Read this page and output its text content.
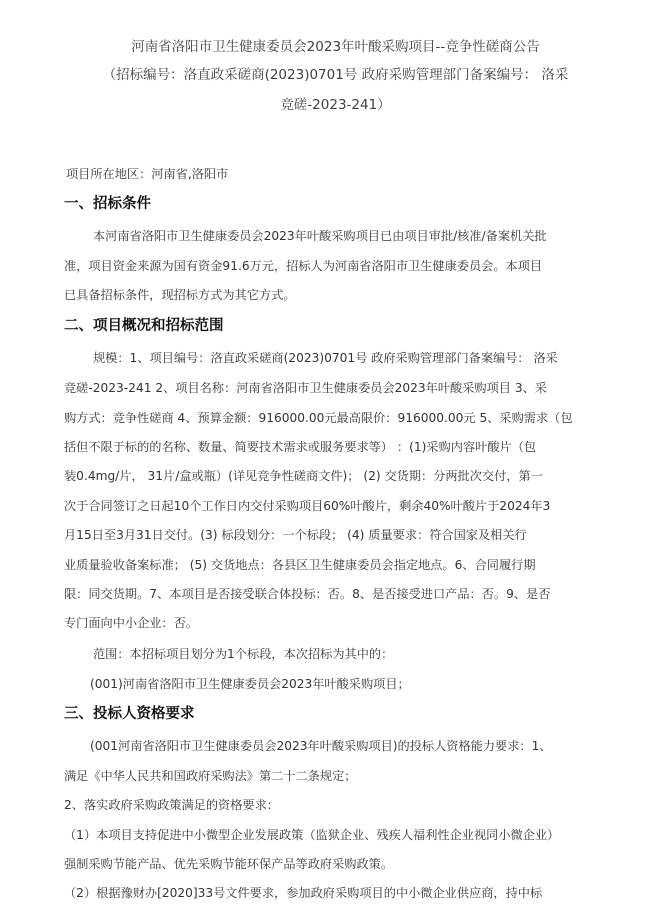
河南省洛阳市卫生健康委员会2023年叶酸采购项目--竞争性磋商公告
（招标编号：洛直政采磋商(2023)0701号 政府采购管理部门备案编号： 洛采
竞磋-2023-241）
项目所在地区：河南省,洛阳市
一、招标条件
本河南省洛阳市卫生健康委员会2023年叶酸采购项目已由项目审批/核准/备案机关批
准，项目资金来源为国有资金91.6万元，招标人为河南省洛阳市卫生健康委员会。本项目
已具备招标条件，现招标方式为其它方式。
二、项目概况和招标范围
规模：1、项目编号：洛直政采磋商(2023)0701号 政府采购管理部门备案编号： 洛采
竞磋-2023-241 2、项目名称：河南省洛阳市卫生健康委员会2023年叶酸采购项目 3、采
购方式：竞争性磋商 4、预算金额：916000.00元最高限价：916000.00元 5、采购需求（包
括但不限于标的的名称、数量、简要技术需求或服务要求等） ：(1)采购内容叶酸片（包
装0.4mg/片， 31片/盒或瓶）(详见竞争性磋商文件)； (2) 交货期：分两批次交付，第一
次于合同签订之日起10个工作日内交付采购项目60%叶酸片，剩余40%叶酸片于2024年3
月15日至3月31日交付。(3) 标段划分：一个标段； (4) 质量要求：符合国家及相关行
业质量验收备案标准； (5) 交货地点：各县区卫生健康委员会指定地点。6、合同履行期
限：同交货期。7、本项目是否接受联合体投标：否。8、是否接受进口产品：否。9、是否
专门面向中小企业：否。
范围：本招标项目划分为1个标段，本次招标为其中的：
(001)河南省洛阳市卫生健康委员会2023年叶酸采购项目；
三、投标人资格要求
(001河南省洛阳市卫生健康委员会2023年叶酸采购项目)的投标人资格能力要求：1、
满足《中华人民共和国政府采购法》第二十二条规定；
2、落实政府采购政策满足的资格要求：
（1）本项目支持促进中小微型企业发展政策（监狱企业、残疾人福利性企业视同小微企业）
强制采购节能产品、优先采购节能环保产品等政府采购政策。
（2）根据豫财办[2020]33号文件要求，参加政府采购项目的中小微企业供应商，持中标
